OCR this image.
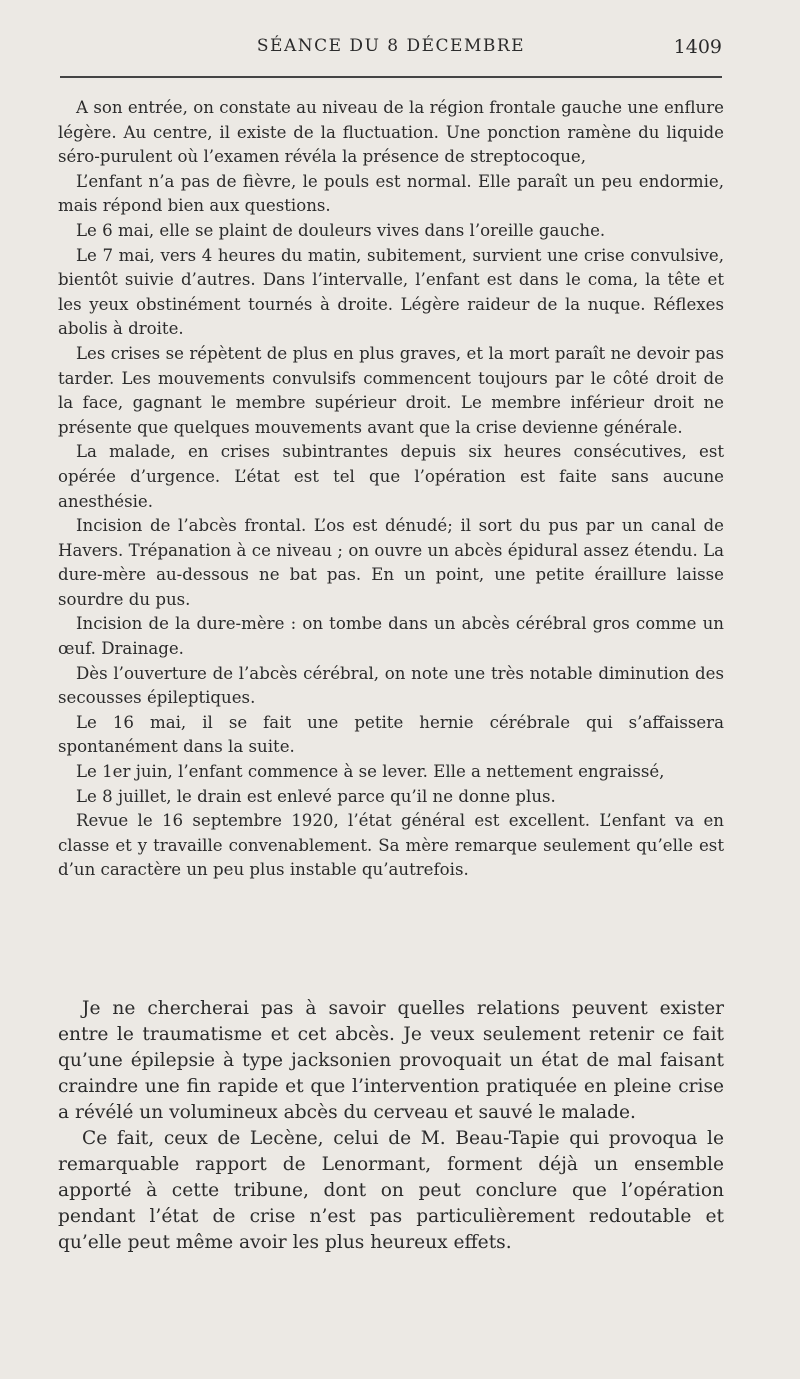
SÉANCE DU 8 DÉCEMBRE	1409

A son entrée, on constate au niveau de la région frontale gauche une enflure légère. Au centre, il existe de la fluctuation. Une ponction ramène du liquide séro-purulent où l’examen révéla la présence de streptocoque,

L’enfant n’a pas de fièvre, le pouls est normal. Elle paraît un peu endormie, mais répond bien aux questions.

Le 6 mai, elle se plaint de douleurs vives dans l’oreille gauche.

Le 7 mai, vers 4 heures du matin, subitement, survient une crise convulsive, bientôt suivie d’autres. Dans l’intervalle, l’enfant est dans le coma, la tête et les yeux obstinément tournés à droite. Légère raideur de la nuque. Réflexes abolis à droite.

Les crises se répètent de plus en plus graves, et la mort paraît ne devoir pas tarder. Les mouvements convulsifs commencent toujours par le côté droit de la face, gagnant le membre supérieur droit. Le membre inférieur droit ne présente que quelques mouvements avant que la crise devienne générale.

La malade, en crises subintrantes depuis six heures consécutives, est opérée d’urgence. L’état est tel que l’opération est faite sans aucune anesthésie.

Incision de l’abcès frontal. L’os est dénudé; il sort du pus par un canal de Havers. Trépanation à ce niveau ; on ouvre un abcès épidural assez étendu. La dure-mère au-dessous ne bat pas. En un point, une petite éraillure laisse sourdre du pus.

Incision de la dure-mère : on tombe dans un abcès cérébral gros comme un œuf. Drainage.

Dès l’ouverture de l’abcès cérébral, on note une très notable diminution des secousses épileptiques.

Le 16 mai, il se fait une petite hernie cérébrale qui s’affaissera spontanément dans la suite.

Le 1er juin, l’enfant commence à se lever. Elle a nettement engraissé,

Le 8 juillet, le drain est enlevé parce qu’il ne donne plus.

Revue le 16 septembre 1920, l’état général est excellent. L’enfant va en classe et y travaille convenablement. Sa mère remarque seulement qu’elle est d’un caractère un peu plus instable qu’autrefois.

Je ne chercherai pas à savoir quelles relations peuvent exister entre le traumatisme et cet abcès. Je veux seulement retenir ce fait qu’une épilepsie à type jacksonien provoquait un état de mal faisant craindre une fin rapide et que l’intervention pratiquée en pleine crise a révélé un volumineux abcès du cerveau et sauvé le malade.

Ce fait, ceux de Lecène, celui de M. Beau-Tapie qui provoqua le remarquable rapport de Lenormant, forment déjà un ensemble apporté à cette tribune, dont on peut conclure que l’opération pendant l’état de crise n’est pas particulièrement redoutable et qu’elle peut même avoir les plus heureux effets.
